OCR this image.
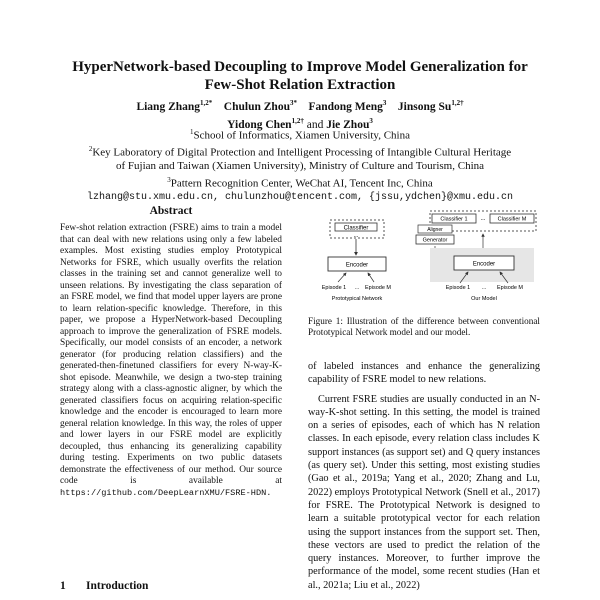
HyperNetwork-based Decoupling to Improve Model Generalization for
Few-Shot Relation Extraction
Liang Zhang$^{1,2*}$ Chulun Zhou$^{3*}$ Fandong Meng$^3$ Jinsong $Su^{1,2\dagger}$
Yidong Chen$^{1,2\dagger}$ and Jie Zhou$^3$
$^1$School of Informatics, Xiamen University, China
$^2$Key Laboratory of Digital Protection and Intelligent Processing of Intangible Cultural Heritage
of Fujian and Taiwan (Xiamen University), Ministry of Culture and Tourism, China
$^3$Pattern Recognition Center, WeChat AI, Tencent Inc, China
lzhang@stu.xmu.edu.cn, chulunzhou@tencent.com, {jssu,ydchen}@xmu.edu.cn
Abstract
Few-shot relation extraction (FSRE) aims to train a model that can deal with new relations using only a few labeled examples. Most existing studies employ Prototypical Networks for FSRE, which usually overfits the relation classes in the training set and cannot generalize well to unseen relations. By investigating the class separation of an FSRE model, we find that model upper layers are prone to learn relation-specific knowledge. Therefore, in this paper, we propose a HyperNetwork-based Decoupling approach to improve the generalization of FSRE models. Specifically, our model consists of an encoder, a network generator (for producing relation classifiers) and the generated-then-finetuned classifiers for every N-way-K-shot episode. Meanwhile, we design a two-step training strategy along with a class-agnostic aligner, by which the generated classifiers focus on acquiring relation-specific knowledge and the encoder is encouraged to learn more general relation knowledge. In this way, the roles of upper and lower layers in our FSRE model are explicitly decoupled, thus enhancing its generalizing capability during testing. Experiments on two public datasets demonstrate the effectiveness of our method. Our source code is available at https://github.com/DeepLearnXMU/FSRE-HDN.
1 Introduction
Classifier
...
Encoder
Episode 1 ... Episode M
Prototypical Network
Classifier 1 ... Classifier M
Aligner
Generator
Encoder
Episode 1 ... Episode M
Our Model
Figure 1: Illustration of the difference between conventional Prototypical Network model and our model.

of labeled instances and enhance the generalizing capability of FSRE model to new relations.

Current FSRE studies are usually conducted in an N-way-K-shot setting. In this setting, the model is trained on a series of episodes, each of which has N relation classes. In each episode, every relation class includes K support instances (as support set) and Q query instances (as query set). Under this setting, most existing studies (Gao et al., 2019a; Yang et al., 2020; Zhang and Lu, 2022) employs Prototypical Network (Snell et al., 2017) for FSRE. The Prototypical Network is designed to learn a suitable prototypical vector for each relation using the support instances from the support set. Then, these vectors are used to predict the relation of the query instances. Moreover, to further improve the performance of the model, some recent studies (Han et al., 2021a; Liu et al., 2022)
